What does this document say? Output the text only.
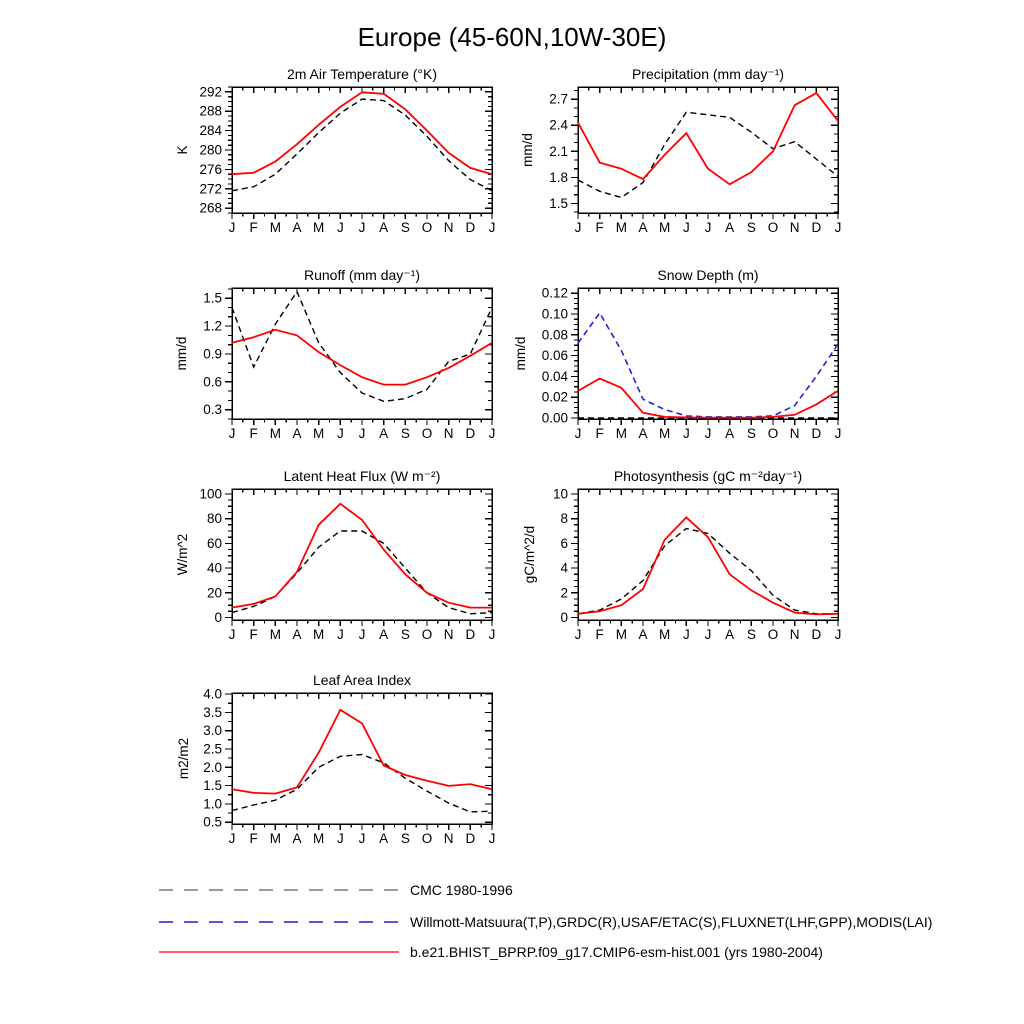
Europe (45-60N,10W-30E)
268
272
276
280
284
288
292
J F M A M J J A S O N D J
2m Air Temperature (°K)
K
1.5
1.8
2.1
2.4
2.7
J F M A M J J A S O N D J
Precipitation (mm day⁻¹)
mm/d
0.3
0.6
0.9
1.2
1.5
J F M A M J J A S O N D J
Runoff (mm day⁻¹)
mm/d
0.00
0.02
0.04
0.06
0.08
0.10
0.12
J F M A M J J A S O N D J
Snow Depth (m)
mm/d
0
20
40
60
80
100
J F M A M J J A S O N D J
Latent Heat Flux (W m⁻²)
W/m^2
0
2
4
6
8
10
J F M A M J J A S O N D J
Photosynthesis (gC m⁻²day⁻¹)
gC/m^2/d
0.5
1.0
1.5
2.0
2.5
3.0
3.5
4.0
J F M A M J J A S O N D J
Leaf Area Index
m2/m2
CMC 1980-1996
Willmott-Matsuura(T,P),GRDC(R),USAF/ETAC(S),FLUXNET(LHF,GPP),MODIS(LAI)
b.e21.BHIST_BPRP.f09_g17.CMIP6-esm-hist.001 (yrs 1980-2004)
